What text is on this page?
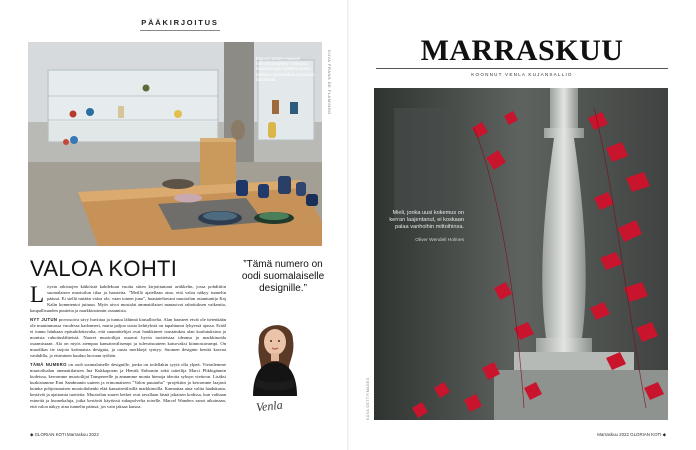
PÄÄKIRJOITUS
KUVA FRANS DE FLAMINGO
Espoon EMMA-museon kokoelmanäyttely Collection Kaleidoscope esittelee upeaa kultaa ja keramiikkaa muotoilun klassikoita.
VALOA KOHTI

Löysin arkistojen kätköistä kahdeksan vuotta sitten kirjoittamani artikkelin, jossa pohdittiin suomalaisen muotoilun tilaa ja haasteita. ”Meillä ajatellaan aina, että valoa näkyy tunnelin päässä. Ei siellä mitään valoa ole, vaan toinen juna”, haastateltavani muotoilun asiantuntija Kaj Kalin kommentoi juttuun. Myös aivot mustalat ammattilaiset manasivat rahoituksen vaikeutta, kaupallisuuden puutetta ja markkinoinnin osaamista.

NYT JUTUN provosoiva sävy huvittaa ja tuntuu lähinnä kiusalliselta. Alan haasteet eivät ole tietenkään ole muuttumassa vuodessa kadonneet, mutta paljon uusia kehityksiä on tapahtunut lyhyessä ajassa. Erääl ei tunnu hänkaan epäsuhdottavalta, että suunnittelijat ovat hankkineet taustatukea alan koulutuksista ja monista rahoituslähteistä. Nuoret muotoilijat osaavat hyvin tuotteistaa ideansa ja markkinoida osaamistaan. Ala on myös aiempaa kansainvälisempi ja tulevaisuuteen katsovaksi kiinnostavampi. On muodikas tie tarjota kotimaista designia, ja uusia merkkejä syntyy. Suomen designin kenttä kasvaa vauhdilla, ja etsiminen kuuluu luovaan työhön.

TÄMÄ NUMERO on oodi suomalaiselle designille, jonka on todellakin syytä olla ylpeä. Vierailemme muotoilualan ammattilaisten Ina Kukkaporan ja Henrik Enbomin sekä taiteilija Marci Plikkigännin kodeissa, kerromme muotoilijat Tampereelle ja annamme monia hienoja ideoita syksyn viettoon. Lisäksi kurkistamme Eini Sandmanin uuteen ja erinomaiseen ”Valon puutarha” -projektiin ja kerromme laajasti kuinka pohjoismaisen muotoiluhenki elää kansainvälisillä markkinoilla. Kannattaa aina valita laadukasta, kestäviä ja ajattomia tuotteita. Muotoilun suuret hetket ovat tavallaan läsnä jokaisen kodissa, kun valitaan esineitä ja huonekaluja, jotka kestävät käytössä sukupolvelta toiselle. Marcel Wanders sanoi aikoinaan, että valoa näkyy aina tunnelin päässä, jos vain jaksaa katsoa.

”Tämä numero on oodi suomalaiselle designille.”
Venla
◆ GLORIAN KOTI Marraskuu 2022
MARRASKUU
KOONNUT VENLA KUJANSALLIO
KUVA GETTYIMAGES
Mieli, jonka uusi kokemus on kerran laajentanut, ei koskaan palaa vanhoihin mittoihinsa.
Oliver Wendell Holmes
Marraskuu 2022 GLORIAN KOTI ◆
